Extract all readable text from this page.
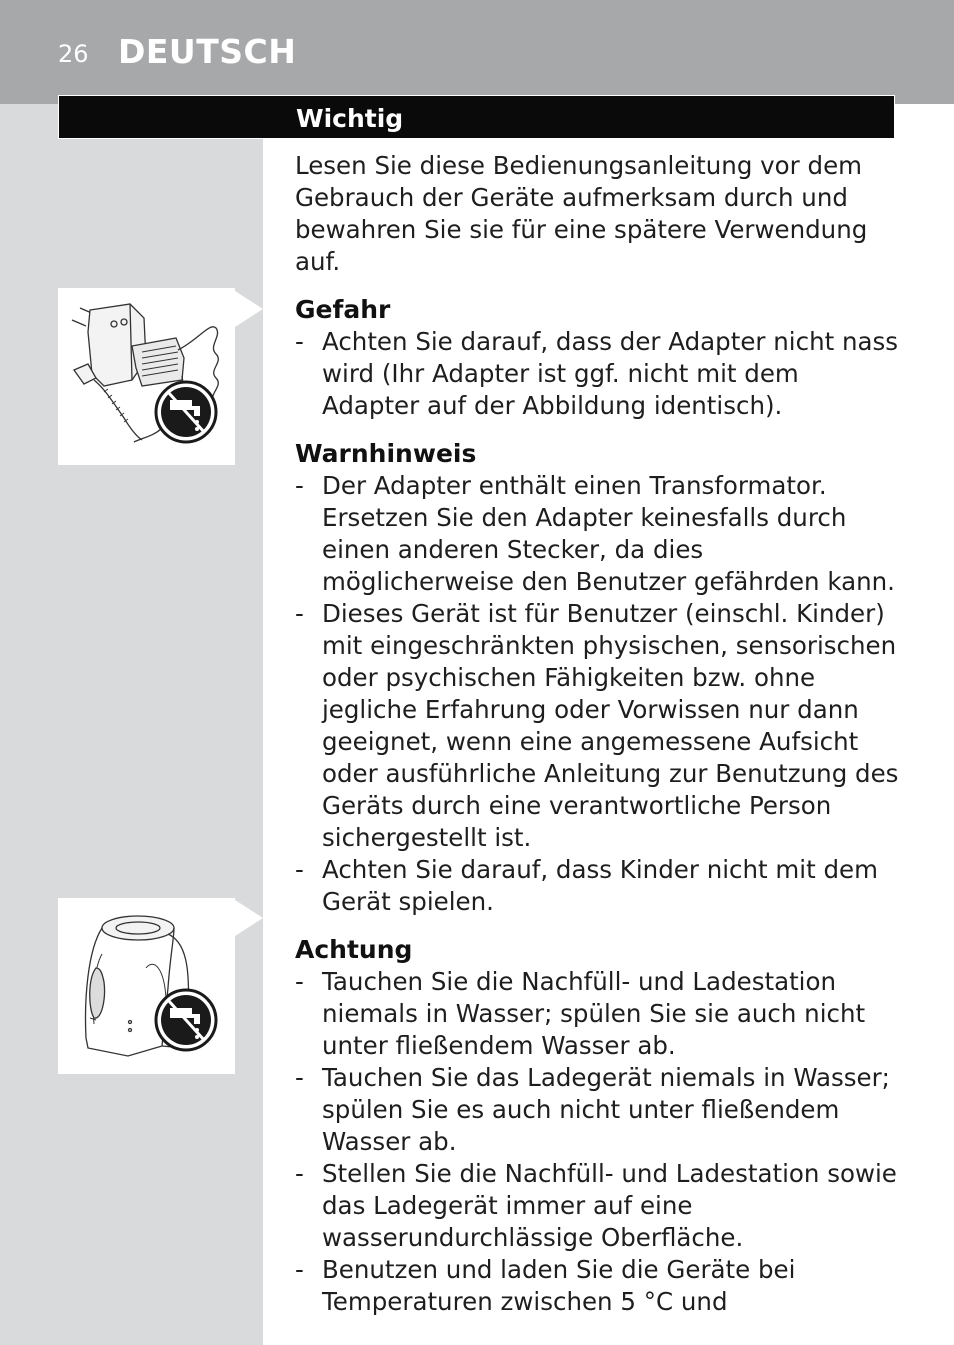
26 DEUTSCH
Wichtig

Lesen Sie diese Bedienungsanleitung vor dem Gebrauch der Geräte aufmerksam durch und bewahren Sie sie für eine spätere Verwendung auf.

Gefahr
- Achten Sie darauf, dass der Adapter nicht nass wird (Ihr Adapter ist ggf. nicht mit dem Adapter auf der Abbildung identisch).
Warnhinweis
- Der Adapter enthält einen Transformator. Ersetzen Sie den Adapter keinesfalls durch einen anderen Stecker, da dies möglicherweise den Benutzer gefährden kann.
- Dieses Gerät ist für Benutzer (einschl. Kinder) mit eingeschränkten physischen, sensorischen oder psychischen Fähigkeiten bzw. ohne jegliche Erfahrung oder Vorwissen nur dann geeignet, wenn eine angemessene Aufsicht oder ausführliche Anleitung zur Benutzung des Geräts durch eine verantwortliche Person sichergestellt ist.
- Achten Sie darauf, dass Kinder nicht mit dem Gerät spielen.
Achtung
- Tauchen Sie die Nachfüll- und Ladestation niemals in Wasser; spülen Sie sie auch nicht unter fließendem Wasser ab.
- Tauchen Sie das Ladegerät niemals in Wasser; spülen Sie es auch nicht unter fließendem Wasser ab.
- Stellen Sie die Nachfüll- und Ladestation sowie das Ladegerät immer auf eine wasserundurchlässige Oberfläche.
- Benutzen und laden Sie die Geräte bei Temperaturen zwischen 5 °C und
